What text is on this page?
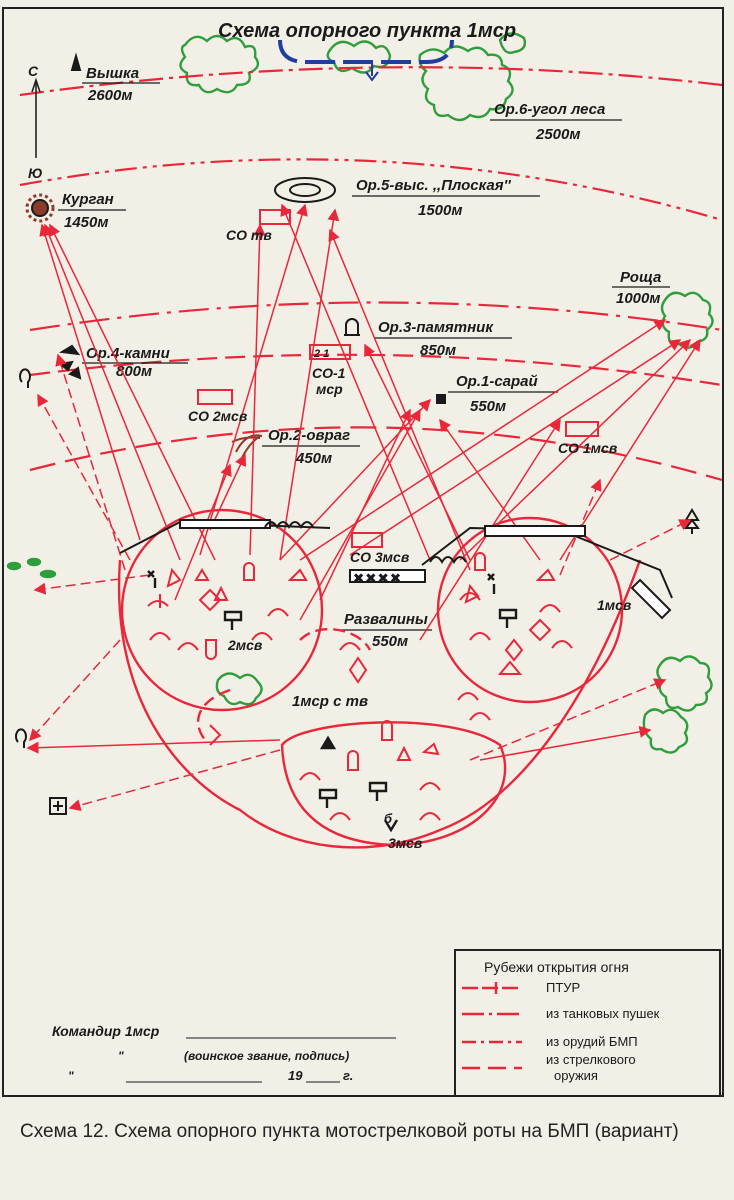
Схема опорного пункта 1мср
С
Ю
Вышка
2600м
Ор.6-угол леса
2500м
Курган
1450м
Ор.5-выс. ,,Плоская''
1500м
Роща
1000м
Ор.4-камни
800м
Ор.3-памятник
850м
Ор.1-сарай
550м
Ор.2-овраг
450м
Развалины
550м
✕ ✕ ✕ ✕
СО тв
2 1
СО-1
мср
СО 2мсв
СО 1мсв
СО 3мсв
2мсв
1мсв
1мср с тв
б
3мсв
Рубежи открытия огня
ПТУР
из танковых пушек
из орудий БМП
из стрелкового
оружия
Командир 1мср
(воинское звание, подпись)
"
"	19	г.
Схема 12. Схема опорного пункта мотострелковой роты на БМП (вариант)
